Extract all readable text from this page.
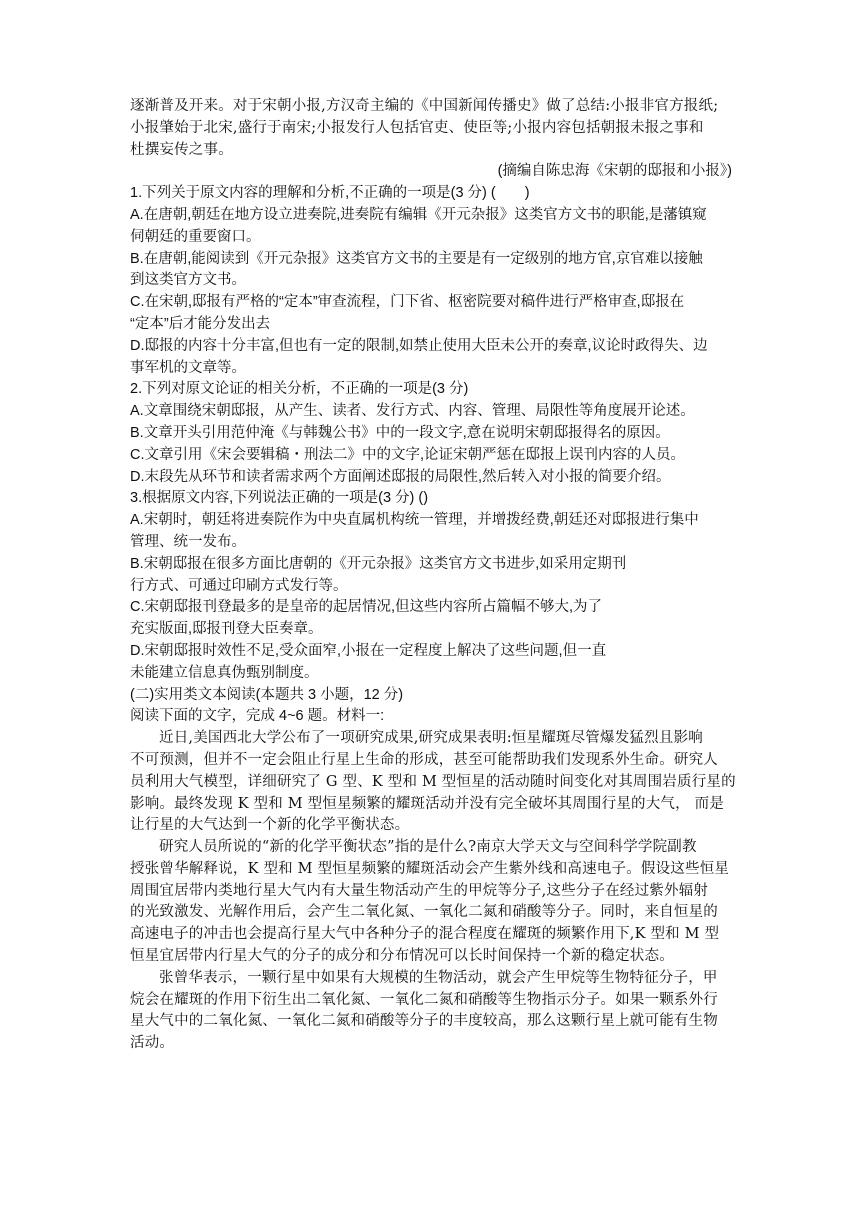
逐渐普及开来。对于宋朝小报,方汉奇主编的《中国新闻传播史》做了总结:小报非官方报纸;
小报肇始于北宋,盛行于南宋;小报发行人包括官吏、使臣等;小报内容包括朝报未报之事和
杜撰妄传之事。
(摘编自陈忠海《宋朝的邸报和小报》)
1.下列关于原文内容的理解和分析,不正确的一项是(3 分) (　　)
A.在唐朝,朝廷在地方设立进奏院,进奏院有编辑《开元杂报》这类官方文书的职能,是藩镇窥
伺朝廷的重要窗口。
B.在唐朝,能阅读到《开元杂报》这类官方文书的主要是有一定级别的地方官,京官难以接触
到这类官方文书。
C.在宋朝,邸报有严格的“定本”审查流程，门下省、枢密院要对稿件进行严格审查,邸报在
“定本”后才能分发出去
D.邸报的内容十分丰富,但也有一定的限制,如禁止使用大臣未公开的奏章,议论时政得失、边
事军机的文章等。
2.下列对原文论证的相关分析，不正确的一项是(3 分)
A.文章围绕宋朝邸报，从产生、读者、发行方式、内容、管理、局限性等角度展开论述。
B.文章开头引用范仲淹《与韩魏公书》中的一段文字,意在说明宋朝邸报得名的原因。
C.文章引用《宋会要辑稿・刑法二》中的文字,论证宋朝严惩在邸报上误刊内容的人员。
D.末段先从环节和读者需求两个方面阐述邸报的局限性,然后转入对小报的简要介绍。
3.根据原文内容,下列说法正确的一项是(3 分) ()
A.宋朝时，朝廷将进奏院作为中央直属机构统一管理，并增拨经费,朝廷还对邸报进行集中
管理、统一发布。
B.宋朝邸报在很多方面比唐朝的《开元杂报》这类官方文书进步,如采用定期刊
行方式、可通过印刷方式发行等。
C.宋朝邸报刊登最多的是皇帝的起居情况,但这些内容所占篇幅不够大,为了
充实版面,邸报刊登大臣奏章。
D.宋朝邸报时效性不足,受众面窄,小报在一定程度上解决了这些问题,但一直
未能建立信息真伪甄别制度。
(二)实用类文本阅读(本题共 3 小题，12 分)
阅读下面的文字，完成 4~6 题。材料一:
近日,美国西北大学公布了一项研究成果,研究成果表明:恒星耀斑尽管爆发猛烈且影响
不可预测，但并不一定会阻止行星上生命的形成，甚至可能帮助我们发现系外生命。研究人
员利用大气模型，详细研究了 G 型、K 型和 M 型恒星的活动随时间变化对其周围岩质行星的
影响。最终发现 K 型和 M 型恒星频繁的耀斑活动并没有完全破坏其周围行星的大气， 而是
让行星的大气达到一个新的化学平衡状态。
研究人员所说的“新的化学平衡状态”指的是什么?南京大学天文与空间科学学院副教
授张曾华解释说，K 型和 M 型恒星频繁的耀斑活动会产生紫外线和高速电子。假设这些恒星
周围宜居带内类地行星大气内有大量生物活动产生的甲烷等分子,这些分子在经过紫外辐射
的光致激发、光解作用后，会产生二氧化氮、一氧化二氮和硝酸等分子。同时，来自恒星的
高速电子的冲击也会提高行星大气中各种分子的混合程度在耀斑的频繁作用下,K 型和 M 型
恒星宜居带内行星大气的分子的成分和分布情况可以长时间保持一个新的稳定状态。
张曾华表示，一颗行星中如果有大规模的生物活动，就会产生甲烷等生物特征分子，甲
烷会在耀斑的作用下衍生出二氧化氮、一氧化二氮和硝酸等生物指示分子。如果一颗系外行
星大气中的二氧化氮、一氧化二氮和硝酸等分子的丰度较高，那么这颗行星上就可能有生物
活动。
